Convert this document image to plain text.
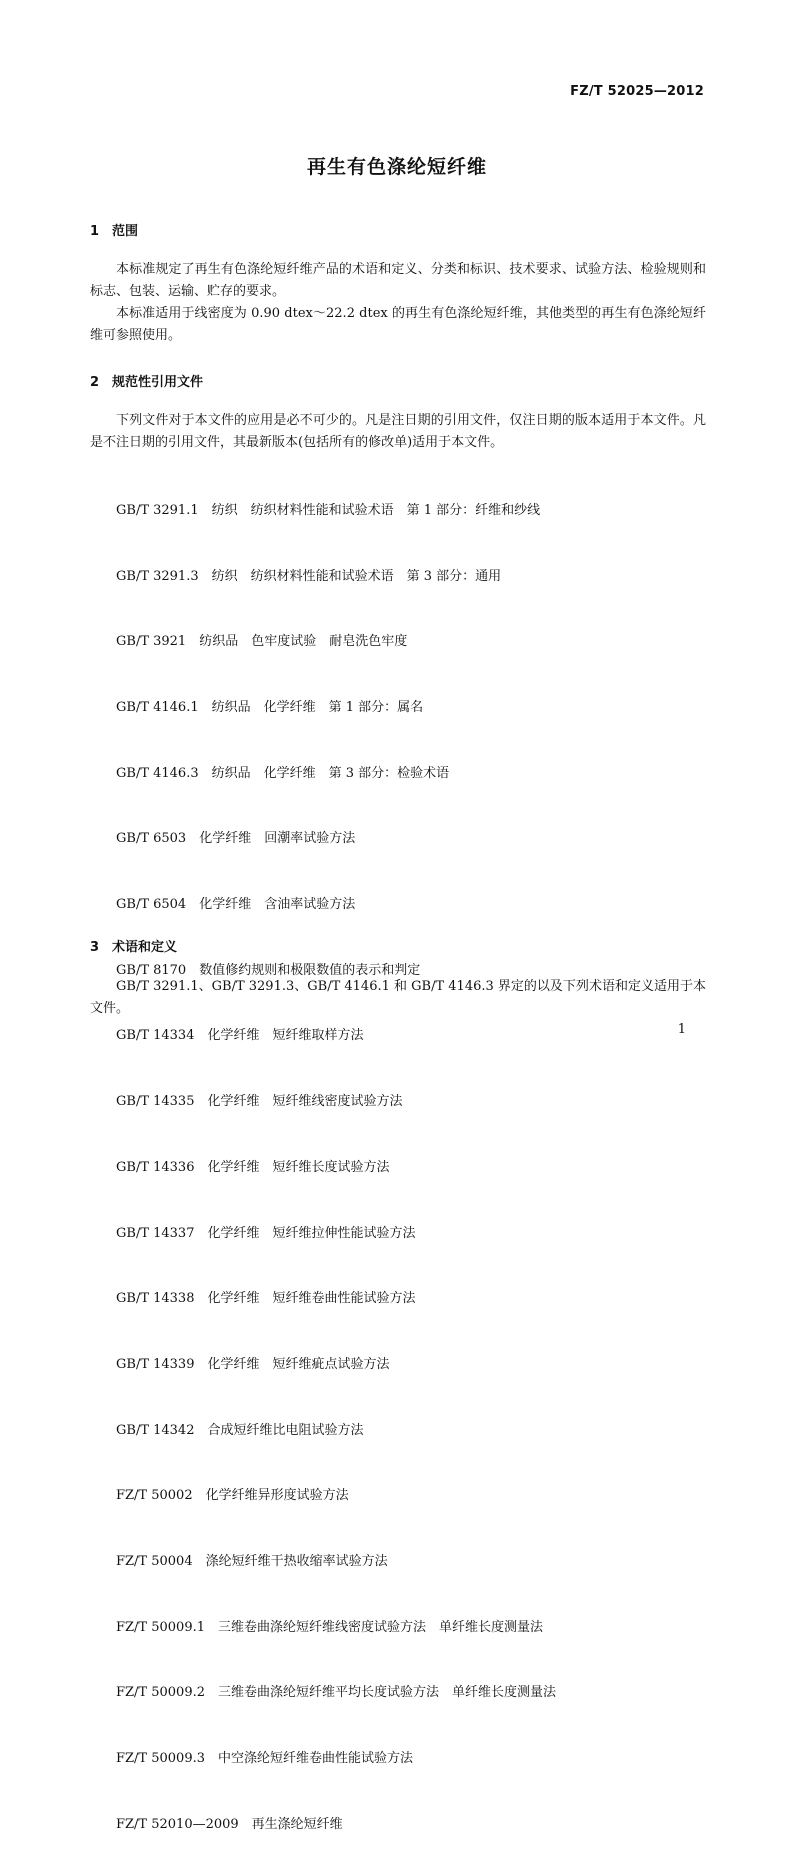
FZ/T 52025—2012
再生有色涤纶短纤维
1 范围
本标准规定了再生有色涤纶短纤维产品的术语和定义、分类和标识、技术要求、试验方法、检验规则和标志、包装、运输、贮存的要求。
本标准适用于线密度为 0.90 dtex～22.2 dtex 的再生有色涤纶短纤维，其他类型的再生有色涤纶短纤维可参照使用。
2 规范性引用文件
下列文件对于本文件的应用是必不可少的。凡是注日期的引用文件，仅注日期的版本适用于本文件。凡是不注日期的引用文件，其最新版本(包括所有的修改单)适用于本文件。

GB/T 3291.1　纺织　纺织材料性能和试验术语　第 1 部分：纤维和纱线

GB/T 3291.3　纺织　纺织材料性能和试验术语　第 3 部分：通用

GB/T 3921　纺织品　色牢度试验　耐皂洗色牢度

GB/T 4146.1　纺织品　化学纤维　第 1 部分：属名

GB/T 4146.3　纺织品　化学纤维　第 3 部分：检验术语

GB/T 6503　化学纤维　回潮率试验方法

GB/T 6504　化学纤维　含油率试验方法

GB/T 8170　数值修约规则和极限数值的表示和判定

GB/T 14334　化学纤维　短纤维取样方法

GB/T 14335　化学纤维　短纤维线密度试验方法

GB/T 14336　化学纤维　短纤维长度试验方法

GB/T 14337　化学纤维　短纤维拉伸性能试验方法

GB/T 14338　化学纤维　短纤维卷曲性能试验方法

GB/T 14339　化学纤维　短纤维疵点试验方法

GB/T 14342　合成短纤维比电阻试验方法

FZ/T 50002　化学纤维异形度试验方法

FZ/T 50004　涤纶短纤维干热收缩率试验方法

FZ/T 50009.1　三维卷曲涤纶短纤维线密度试验方法　单纤维长度测量法

FZ/T 50009.2　三维卷曲涤纶短纤维平均长度试验方法　单纤维长度测量法

FZ/T 50009.3　中空涤纶短纤维卷曲性能试验方法

FZ/T 52010—2009　再生涤纶短纤维

3 术语和定义
GB/T 3291.1、GB/T 3291.3、GB/T 4146.1 和 GB/T 4146.3 界定的以及下列术语和定义适用于本文件。
1
